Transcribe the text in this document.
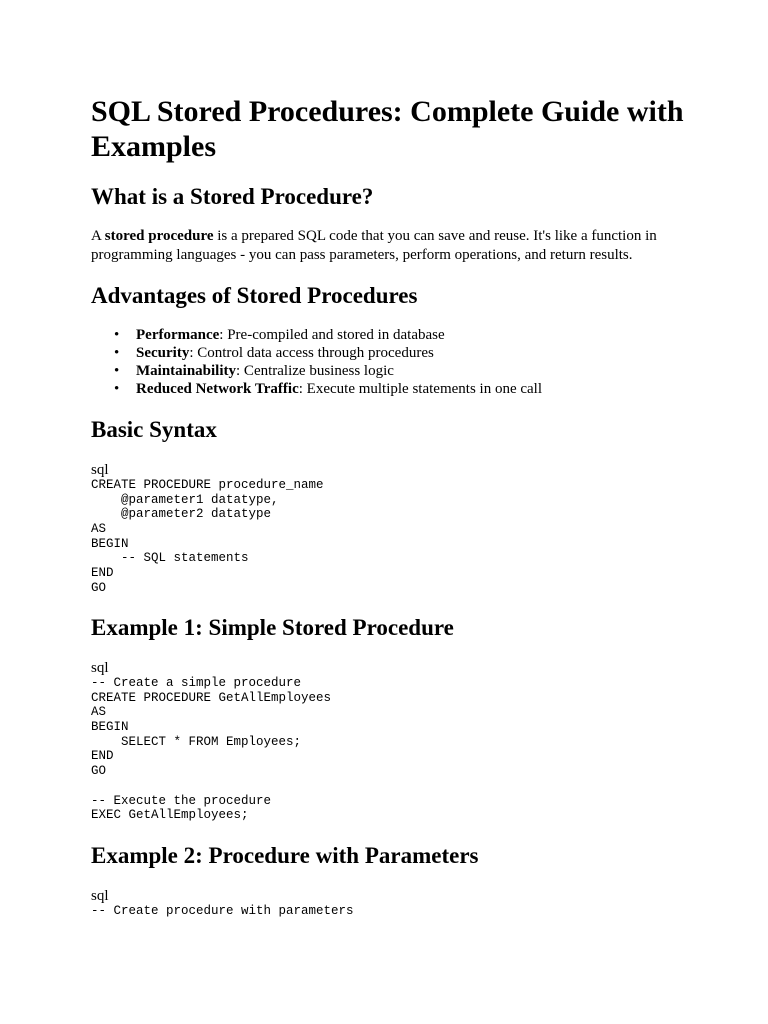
SQL Stored Procedures: Complete Guide with Examples
What is a Stored Procedure?

A stored procedure is a prepared SQL code that you can save and reuse. It's like a function in programming languages - you can pass parameters, perform operations, and return results.

Advantages of Stored Procedures
• Performance: Pre-compiled and stored in database
• Security: Control data access through procedures
• Maintainability: Centralize business logic
• Reduced Network Traffic: Execute multiple statements in one call
Basic Syntax
sql
CREATE PROCEDURE procedure_name
@parameter1 datatype,
@parameter2 datatype
AS
BEGIN
-- SQL statements
END
GO
Example 1: Simple Stored Procedure
sql
-- Create a simple procedure
CREATE PROCEDURE GetAllEmployees
AS
BEGIN
SELECT * FROM Employees;
END
GO
-- Execute the procedure
EXEC GetAllEmployees;
Example 2: Procedure with Parameters
sql
-- Create procedure with parameters
